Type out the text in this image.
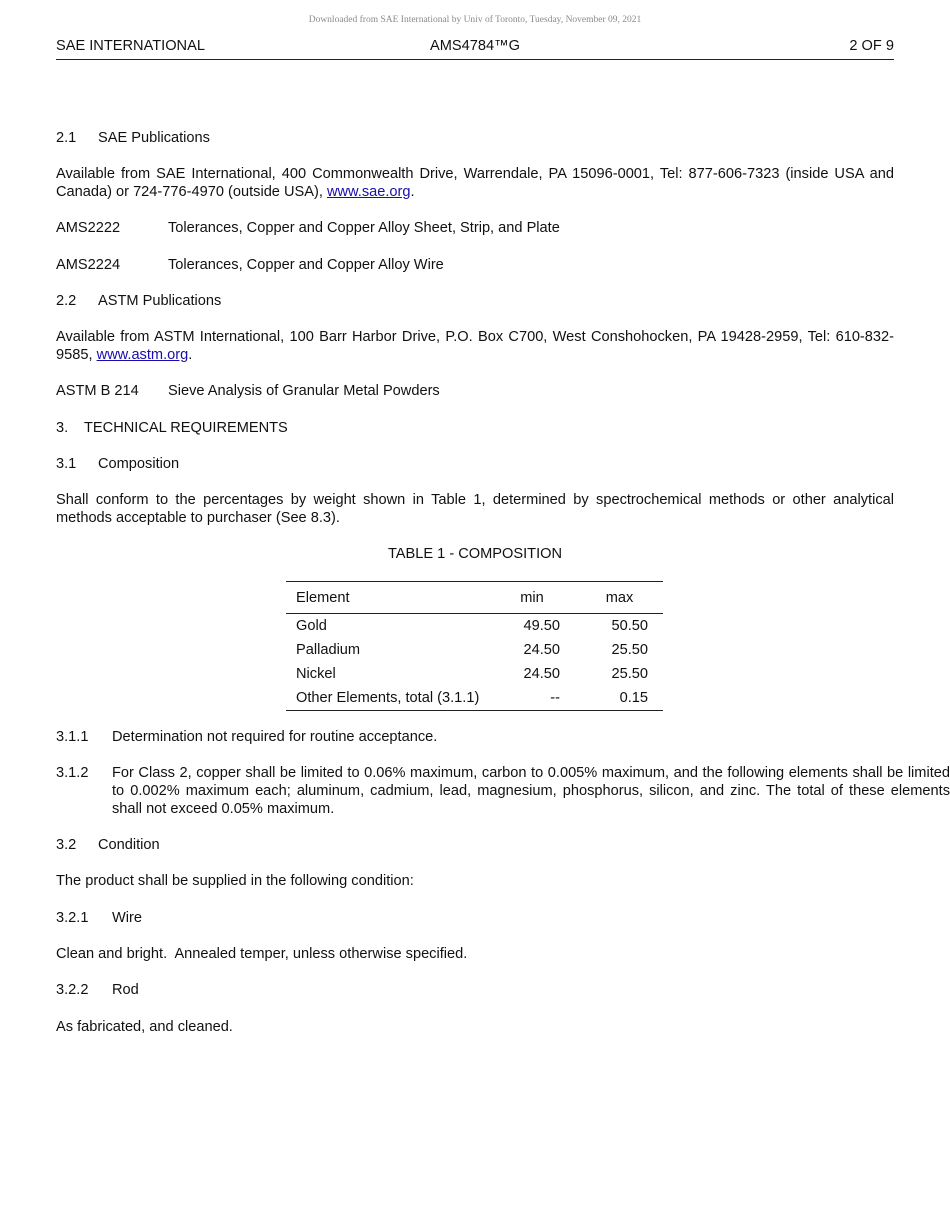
Downloaded from SAE International by Univ of Toronto, Tuesday, November 09, 2021
SAE INTERNATIONAL	AMS4784™G	2 OF 9
2.1 SAE Publications
Available from SAE International, 400 Commonwealth Drive, Warrendale, PA 15096-0001, Tel: 877-606-7323 (inside USA and Canada) or 724-776-4970 (outside USA), www.sae.org.
AMS2222	Tolerances, Copper and Copper Alloy Sheet, Strip, and Plate
AMS2224	Tolerances, Copper and Copper Alloy Wire
2.2 ASTM Publications
Available from ASTM International, 100 Barr Harbor Drive, P.O. Box C700, West Conshohocken, PA 19428-2959, Tel: 610-832-9585, www.astm.org.
ASTM B 214 Sieve Analysis of Granular Metal Powders
3. TECHNICAL REQUIREMENTS
3.1 Composition
Shall conform to the percentages by weight shown in Table 1, determined by spectrochemical methods or other analytical methods acceptable to purchaser (See 8.3).
TABLE 1 - COMPOSITION
Element	min	max
Gold	49.50	50.50
Palladium	24.50	25.50
Nickel	24.50	25.50
Other Elements, total (3.1.1)	--	0.15
3.1.1 Determination not required for routine acceptance.
3.1.2 For Class 2, copper shall be limited to 0.06% maximum, carbon to 0.005% maximum, and the following elements shall be limited to 0.002% maximum each; aluminum, cadmium, lead, magnesium, phosphorus, silicon, and zinc. The total of these elements shall not exceed 0.05% maximum.
3.2 Condition
The product shall be supplied in the following condition:
3.2.1 Wire
Clean and bright.  Annealed temper, unless otherwise specified.
3.2.2 Rod
As fabricated, and cleaned.
